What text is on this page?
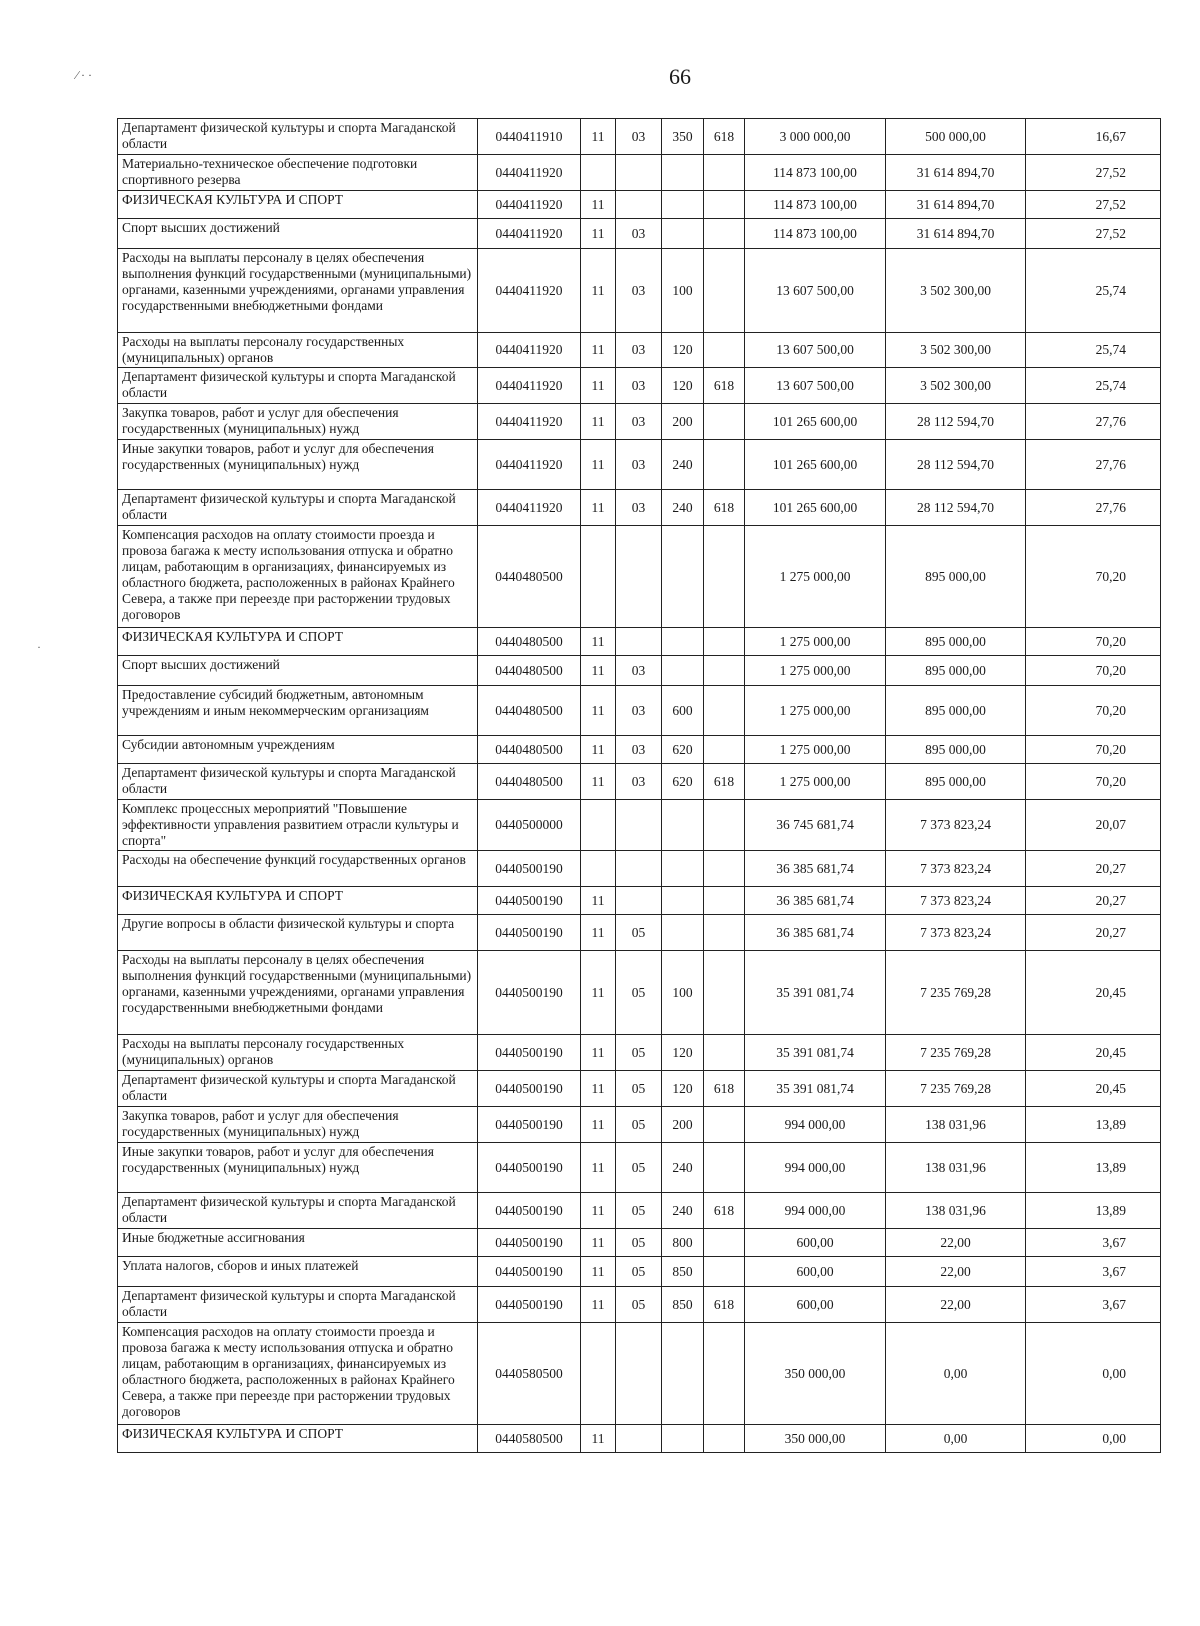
∕ · ·
·
66
Департамент физической культуры и спорта Магаданской области	0440411910	11	03	350	618	3 000 000,00	500 000,00	16,67
Материально-техническое обеспечение подготовки спортивного резерва	0440411920					114 873 100,00	31 614 894,70	27,52
ФИЗИЧЕСКАЯ КУЛЬТУРА И СПОРТ	0440411920	11				114 873 100,00	31 614 894,70	27,52
Спорт высших достижений	0440411920	11	03			114 873 100,00	31 614 894,70	27,52
Расходы на выплаты персоналу в целях обеспечения выполнения функций государственными (муниципальными) органами, казенными учреждениями, органами управления государственными внебюджетными фондами	0440411920	11	03	100		13 607 500,00	3 502 300,00	25,74
Расходы на выплаты персоналу государственных (муниципальных) органов	0440411920	11	03	120		13 607 500,00	3 502 300,00	25,74
Департамент физической культуры и спорта Магаданской области	0440411920	11	03	120	618	13 607 500,00	3 502 300,00	25,74
Закупка товаров, работ и услуг для обеспечения государственных (муниципальных) нужд	0440411920	11	03	200		101 265 600,00	28 112 594,70	27,76
Иные закупки товаров, работ и услуг для обеспечения государственных (муниципальных) нужд	0440411920	11	03	240		101 265 600,00	28 112 594,70	27,76
Департамент физической культуры и спорта Магаданской области	0440411920	11	03	240	618	101 265 600,00	28 112 594,70	27,76
Компенсация расходов на оплату стоимости проезда и провоза багажа к месту использования отпуска и обратно лицам, работающим в организациях, финансируемых из областного бюджета, расположенных в районах Крайнего Севера, а также при переезде при расторжении трудовых договоров	0440480500					1 275 000,00	895 000,00	70,20
ФИЗИЧЕСКАЯ КУЛЬТУРА И СПОРТ	0440480500	11				1 275 000,00	895 000,00	70,20
Спорт высших достижений	0440480500	11	03			1 275 000,00	895 000,00	70,20
Предоставление субсидий бюджетным, автономным учреждениям и иным некоммерческим организациям	0440480500	11	03	600		1 275 000,00	895 000,00	70,20
Субсидии автономным учреждениям	0440480500	11	03	620		1 275 000,00	895 000,00	70,20
Департамент физической культуры и спорта Магаданской области	0440480500	11	03	620	618	1 275 000,00	895 000,00	70,20
Комплекс процессных мероприятий "Повышение эффективности управления развитием отрасли культуры и спорта"	0440500000					36 745 681,74	7 373 823,24	20,07
Расходы на обеспечение функций государственных органов	0440500190					36 385 681,74	7 373 823,24	20,27
ФИЗИЧЕСКАЯ КУЛЬТУРА И СПОРТ	0440500190	11				36 385 681,74	7 373 823,24	20,27
Другие вопросы в области физической культуры и спорта	0440500190	11	05			36 385 681,74	7 373 823,24	20,27
Расходы на выплаты персоналу в целях обеспечения выполнения функций государственными (муниципальными) органами, казенными учреждениями, органами управления государственными внебюджетными фондами	0440500190	11	05	100		35 391 081,74	7 235 769,28	20,45
Расходы на выплаты персоналу государственных (муниципальных) органов	0440500190	11	05	120		35 391 081,74	7 235 769,28	20,45
Департамент физической культуры и спорта Магаданской области	0440500190	11	05	120	618	35 391 081,74	7 235 769,28	20,45
Закупка товаров, работ и услуг для обеспечения государственных (муниципальных) нужд	0440500190	11	05	200		994 000,00	138 031,96	13,89
Иные закупки товаров, работ и услуг для обеспечения государственных (муниципальных) нужд	0440500190	11	05	240		994 000,00	138 031,96	13,89
Департамент физической культуры и спорта Магаданской области	0440500190	11	05	240	618	994 000,00	138 031,96	13,89
Иные бюджетные ассигнования	0440500190	11	05	800		600,00	22,00	3,67
Уплата налогов, сборов и иных платежей	0440500190	11	05	850		600,00	22,00	3,67
Департамент физической культуры и спорта Магаданской области	0440500190	11	05	850	618	600,00	22,00	3,67
Компенсация расходов на оплату стоимости проезда и провоза багажа к месту использования отпуска и обратно лицам, работающим в организациях, финансируемых из областного бюджета, расположенных в районах Крайнего Севера, а также при переезде при расторжении трудовых договоров	0440580500					350 000,00	0,00	0,00
ФИЗИЧЕСКАЯ КУЛЬТУРА И СПОРТ	0440580500	11				350 000,00	0,00	0,00
